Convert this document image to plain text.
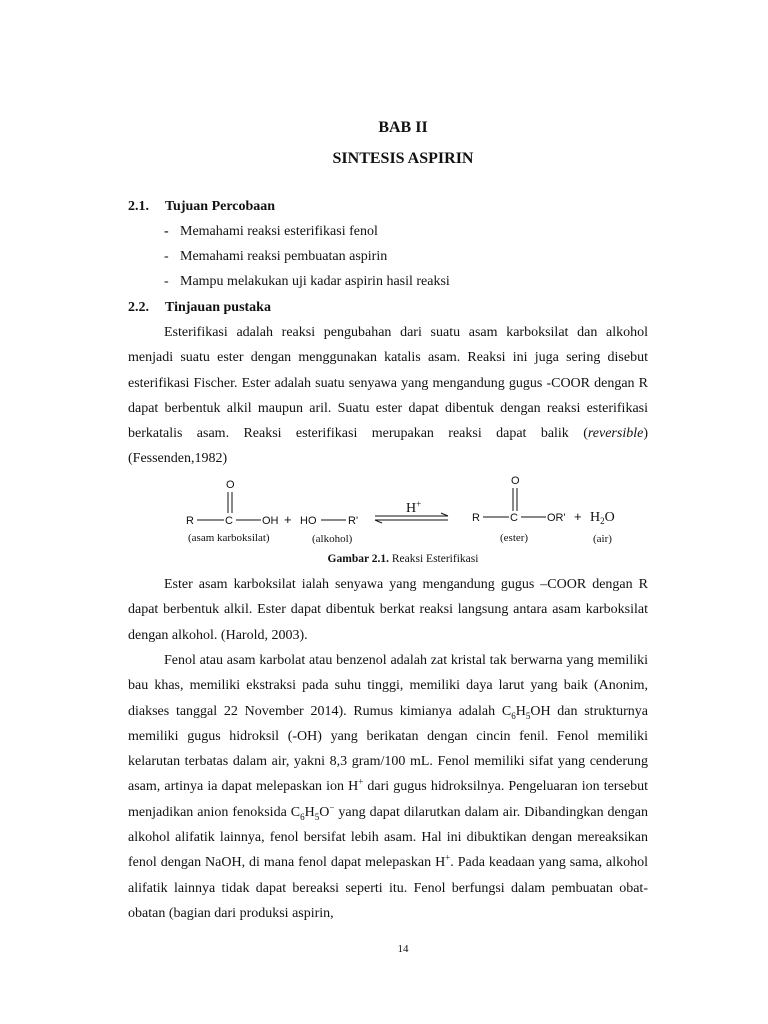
BAB II
SINTESIS ASPIRIN
2.1. Tujuan Percobaan
- Memahami reaksi esterifikasi fenol
- Memahami reaksi pembuatan aspirin
- Mampu melakukan uji kadar aspirin hasil reaksi
2.2. Tinjauan pustaka

Esterifikasi adalah reaksi pengubahan dari suatu asam karboksilat dan alkohol menjadi suatu ester dengan menggunakan katalis asam. Reaksi ini juga sering disebut esterifikasi Fischer. Ester adalah suatu senyawa yang mengandung gugus -COOR dengan R dapat berbentuk alkil maupun aril. Suatu ester dapat dibentuk dengan reaksi esterifikasi berkatalis asam. Reaksi esterifikasi merupakan reaksi dapat balik (reversible) (Fessenden,1982)

O
R	C	OH + HO	R'
H+
O
R	C	$OR' + H_2O$
(asam karboksilat)	(alkohol)	(ester)	(air)
Gambar 2.1. Reaksi Esterifikasi

Ester asam karboksilat ialah senyawa yang mengandung gugus –COOR dengan R dapat berbentuk alkil. Ester dapat dibentuk berkat reaksi langsung antara asam karboksilat dengan alkohol. (Harold, 2003).

Fenol atau asam karbolat atau benzenol adalah zat kristal tak berwarna yang memiliki bau khas, memiliki ekstraksi pada suhu tinggi, memiliki daya larut yang baik (Anonim, diakses tanggal 22 November 2014). Rumus kimianya adalah $C_6H_5OH$ dan strukturnya memiliki gugus hidroksil (-OH) yang berikatan dengan cincin fenil. Fenol memiliki kelarutan terbatas dalam air, yakni 8,3 gram/100 mL. Fenol memiliki sifat yang cenderung asam, artinya ia dapat melepaskan ion H+ dari gugus hidroksilnya. Pengeluaran ion tersebut menjadikan anion fenoksida $C_6H_5O^-$ yang dapat dilarutkan dalam air. Dibandingkan dengan alkohol alifatik lainnya, fenol bersifat lebih asam. Hal ini dibuktikan dengan mereaksikan fenol dengan NaOH, di mana fenol dapat melepaskan H+. Pada keadaan yang sama, alkohol alifatik lainnya tidak dapat bereaksi seperti itu. Fenol berfungsi dalam pembuatan obat-obatan (bagian dari produksi aspirin,

14
